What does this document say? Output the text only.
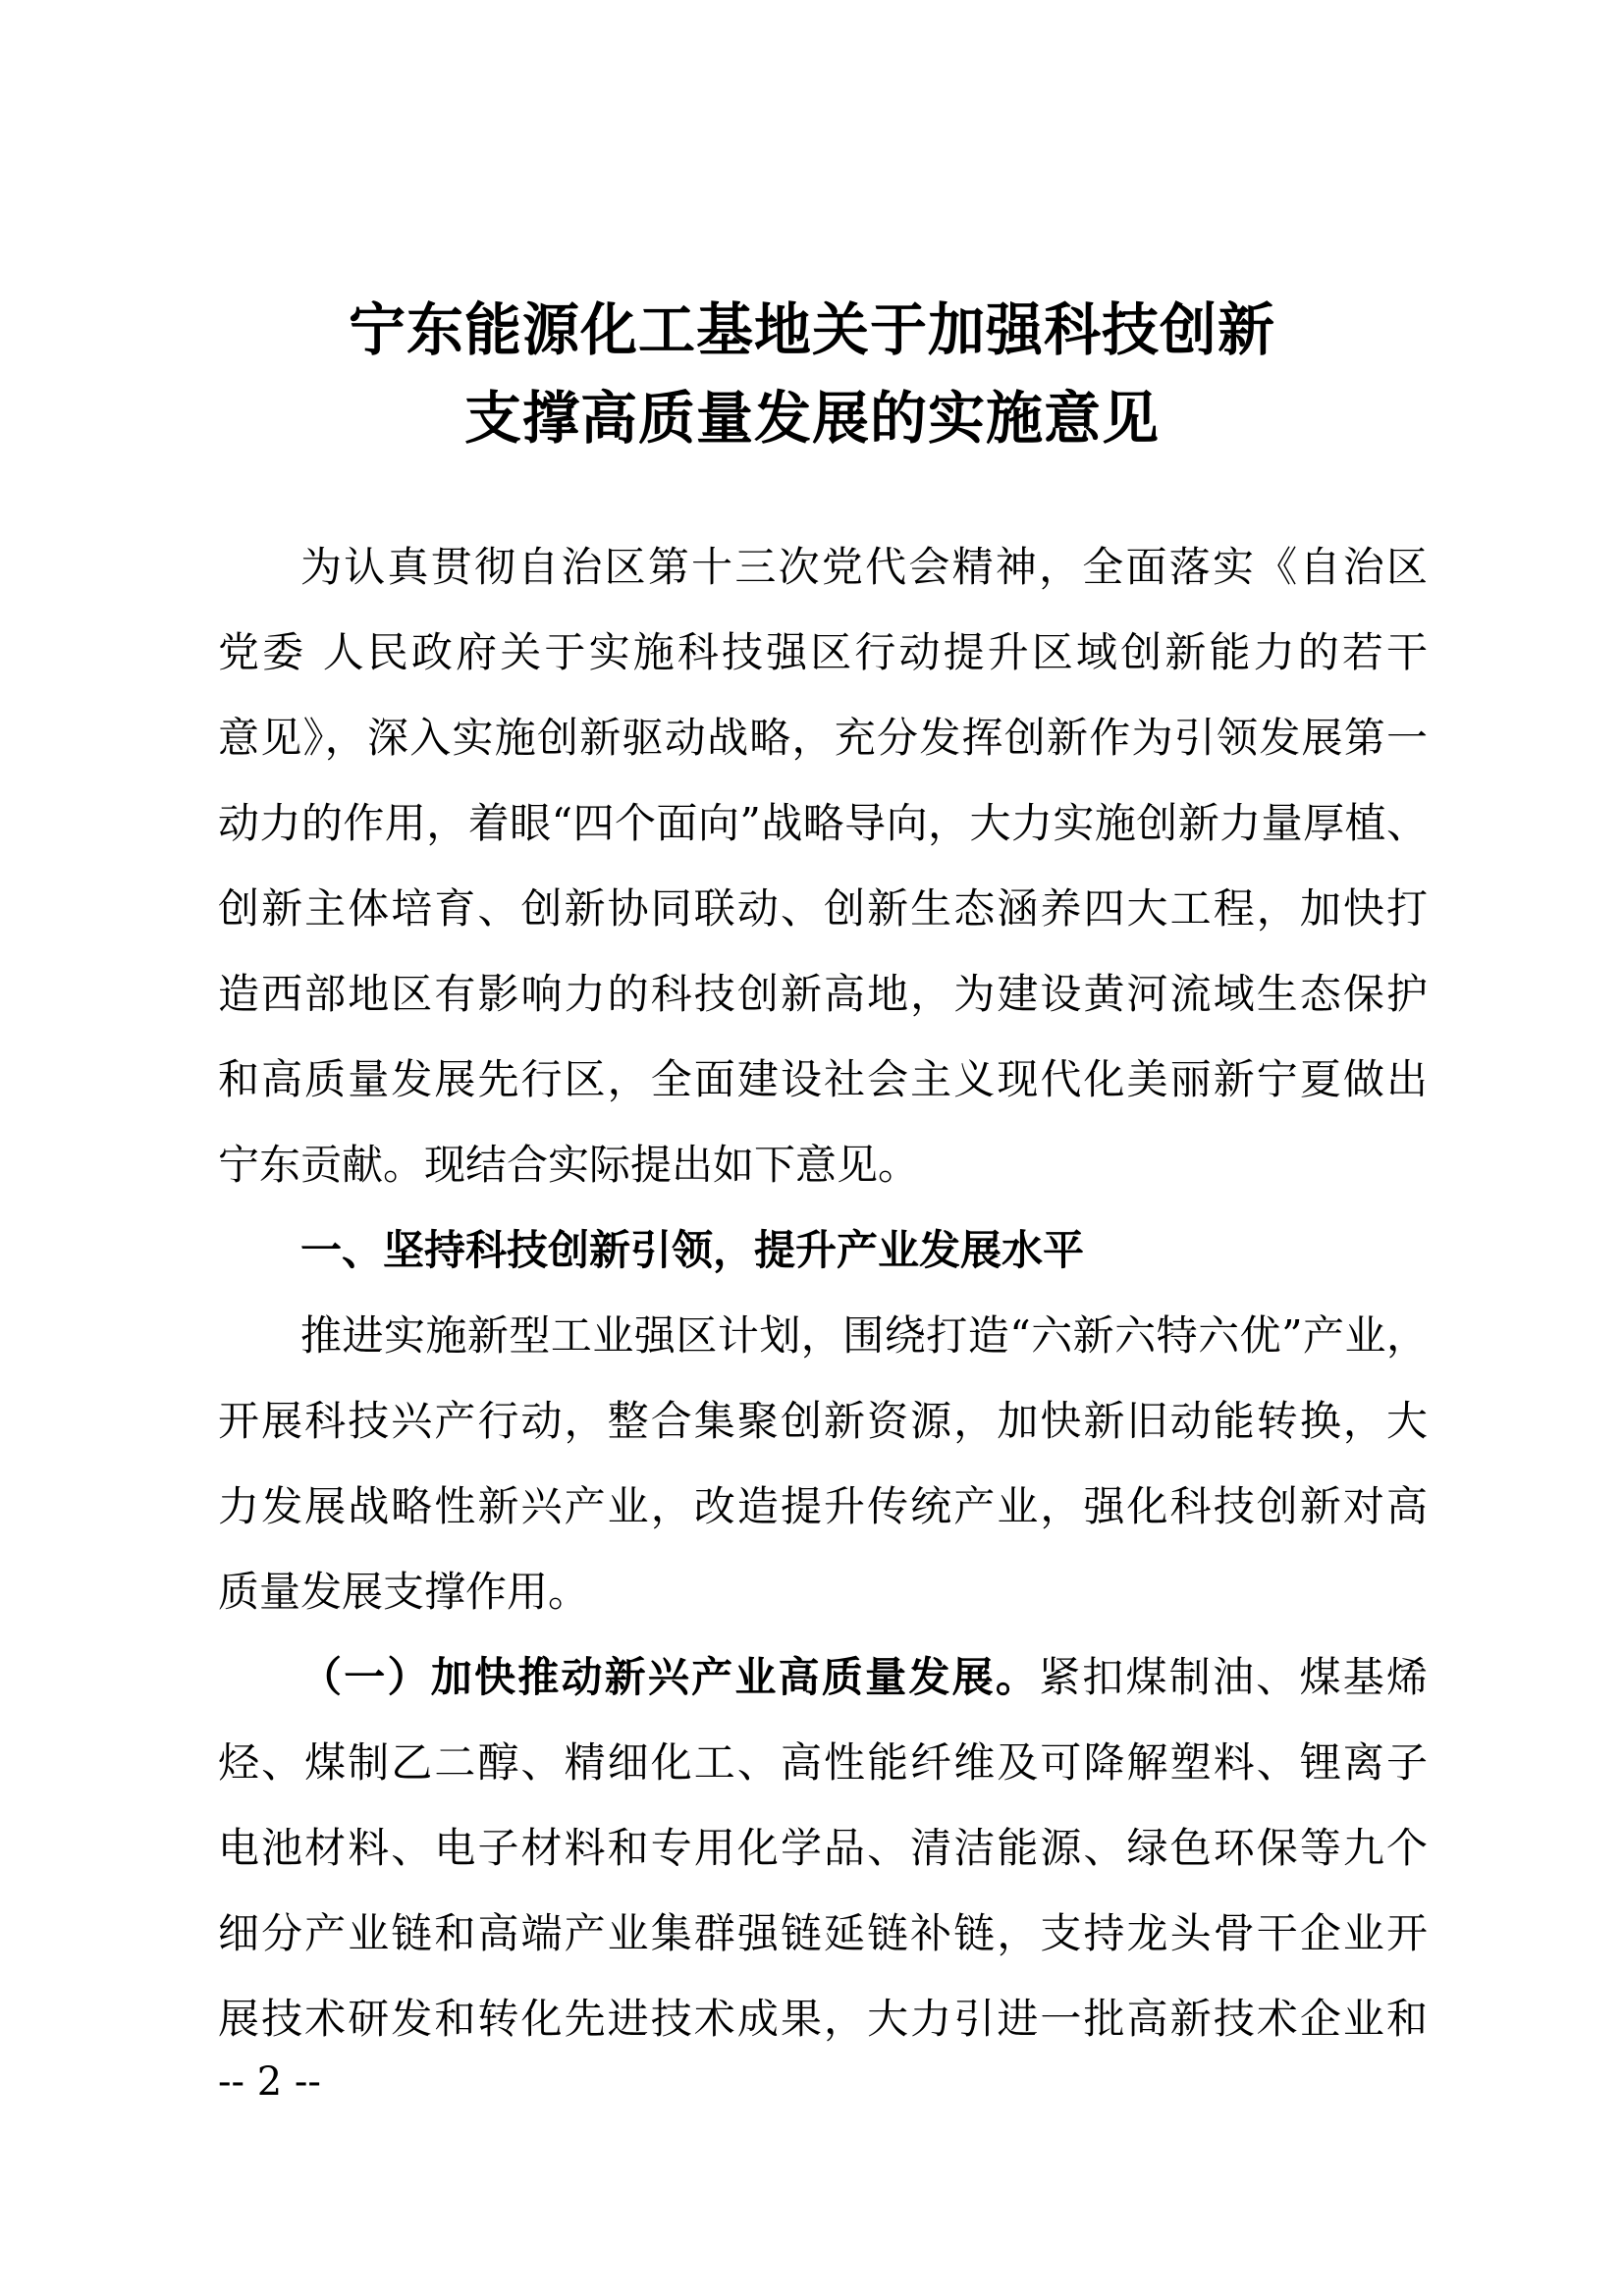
宁东能源化工基地关于加强科技创新
支撑高质量发展的实施意见
为认真贯彻自治区第十三次党代会精神，全面落实《自治区
党委 人民政府关于实施科技强区行动提升区域创新能力的若干
意见》，深入实施创新驱动战略，充分发挥创新作为引领发展第一
动力的作用，着眼“四个面向”战略导向，大力实施创新力量厚植、
创新主体培育、创新协同联动、创新生态涵养四大工程，加快打
造西部地区有影响力的科技创新高地，为建设黄河流域生态保护
和高质量发展先行区，全面建设社会主义现代化美丽新宁夏做出
宁东贡献。现结合实际提出如下意见。
一、坚持科技创新引领，提升产业发展水平
推进实施新型工业强区计划，围绕打造“六新六特六优”产业，
开展科技兴产行动，整合集聚创新资源，加快新旧动能转换，大
力发展战略性新兴产业，改造提升传统产业，强化科技创新对高
质量发展支撑作用。
（一）加快推动新兴产业高质量发展。紧扣煤制油、煤基烯
烃、煤制乙二醇、精细化工、高性能纤维及可降解塑料、锂离子
电池材料、电子材料和专用化学品、清洁能源、绿色环保等九个
细分产业链和高端产业集群强链延链补链，支持龙头骨干企业开
展技术研发和转化先进技术成果，大力引进一批高新技术企业和
-- 2 --
